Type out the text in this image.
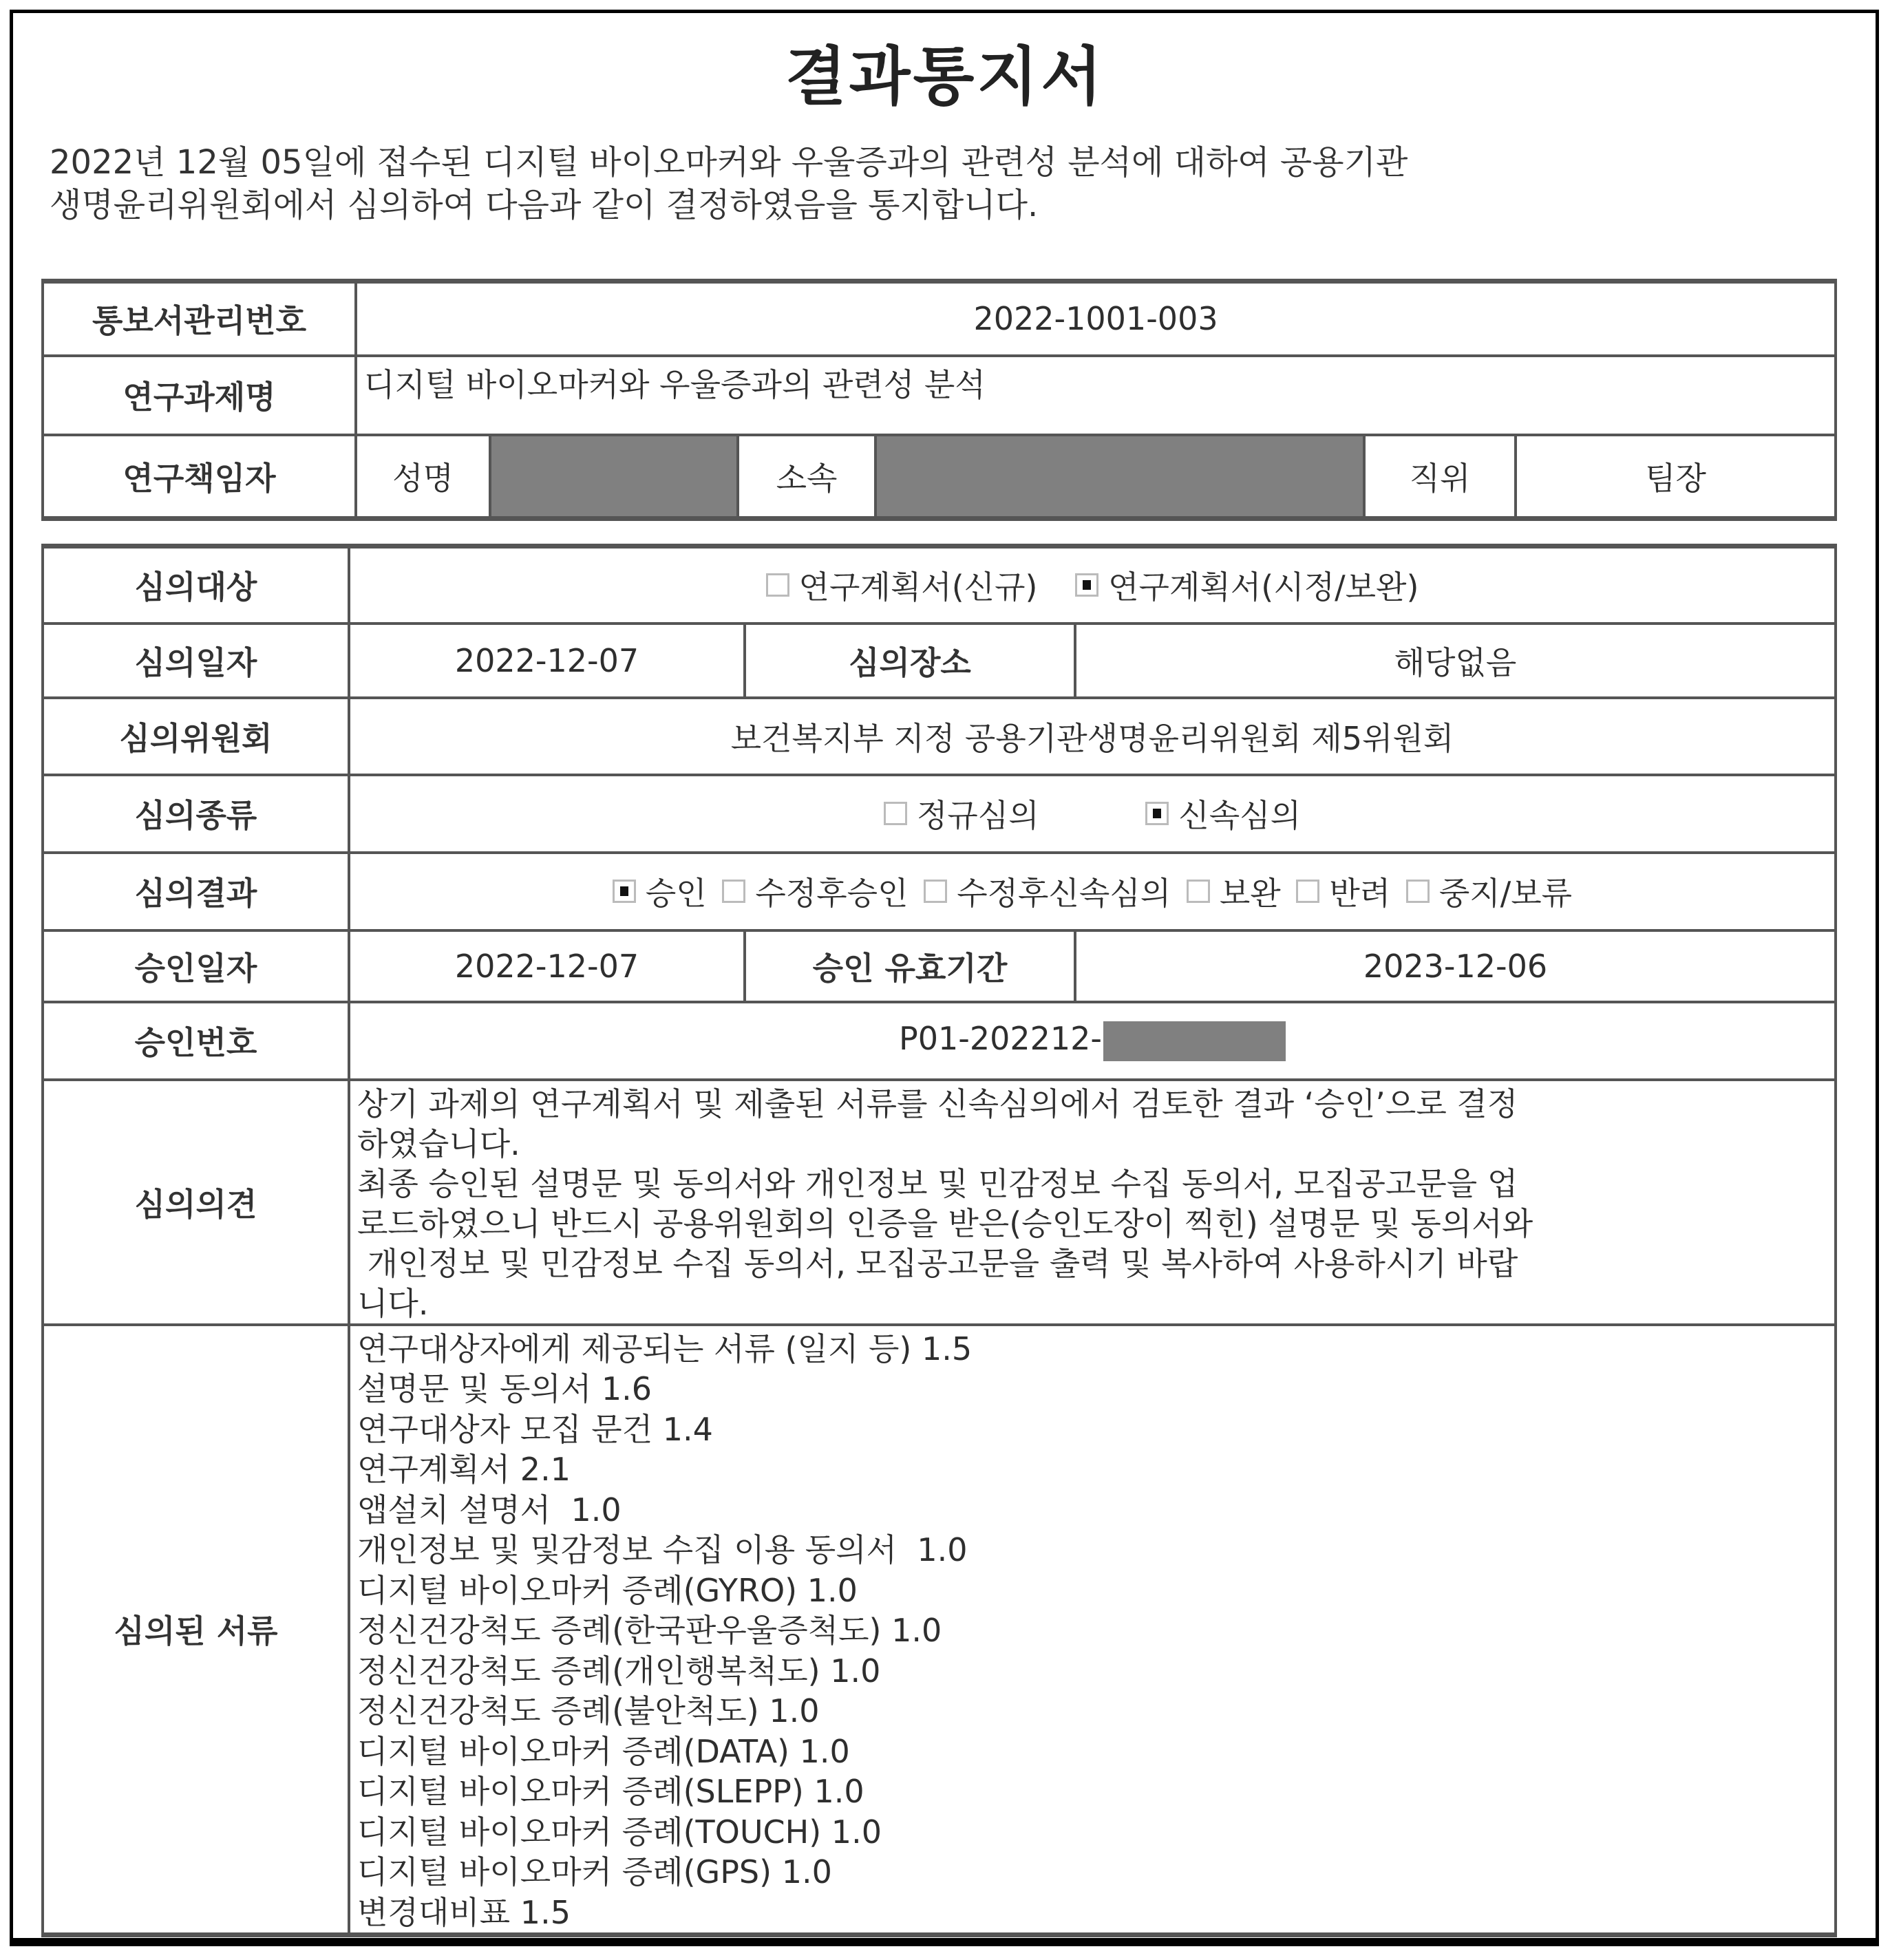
결과통지서
2022년 12월 05일에 접수된 디지털 바이오마커와 우울증과의 관련성 분석에 대하여 공용기관
생명윤리위원회에서 심의하여 다음과 같이 결정하였음을 통지합니다.
통보서관리번호	2022-1001-003					
연구과제명	디지털 바이오마커와 우울증과의 관련성 분석					
연구책임자	성명		소속		직위	팀장
심의대상	연구계획서(신규)
연구계획서(시정/보완)		

심의일자	2022-12-07	심의장소	해당없음
심의위원회	보건복지부 지정 공용기관생명윤리위원회 제5위원회		
심의종류	정규심의
신속심의		

심의결과	승인
수정후승인
수정후신속심의
보완
반려
중지/보류

승인일자	2022-12-07	승인 유효기간	2023-12-06
승인번호	P01-202212-		
심의의견	
상기 과제의 연구계획서 및 제출된 서류를 신속심의에서 검토한 결과 ‘승인’으로 결정
하였습니다.
최종 승인된 설명문 및 동의서와 개인정보 및 민감정보 수집 동의서, 모집공고문을 업
로드하였으니 반드시 공용위원회의 인증을 받은(승인도장이 찍힌) 설명문 및 동의서와
개인정보 및 민감정보 수집 동의서, 모집공고문을 출력 및 복사하여 사용하시기 바랍
니다.

심의된 서류	
연구대상자에게 제공되는 서류 (일지 등) 1.5
설명문 및 동의서 1.6
연구대상자 모집 문건 1.4
연구계획서 2.1
앱설치 설명서  1.0
개인정보 및 및감정보 수집 이용 동의서  1.0
디지털 바이오마커 증례(GYRO) 1.0
정신건강척도 증례(한국판우울증척도) 1.0
정신건강척도 증례(개인행복척도) 1.0
정신건강척도 증례(불안척도) 1.0
디지털 바이오마커 증례(DATA) 1.0
디지털 바이오마커 증례(SLEPP) 1.0
디지털 바이오마커 증례(TOUCH) 1.0
디지털 바이오마커 증례(GPS) 1.0
변경대비표 1.5
